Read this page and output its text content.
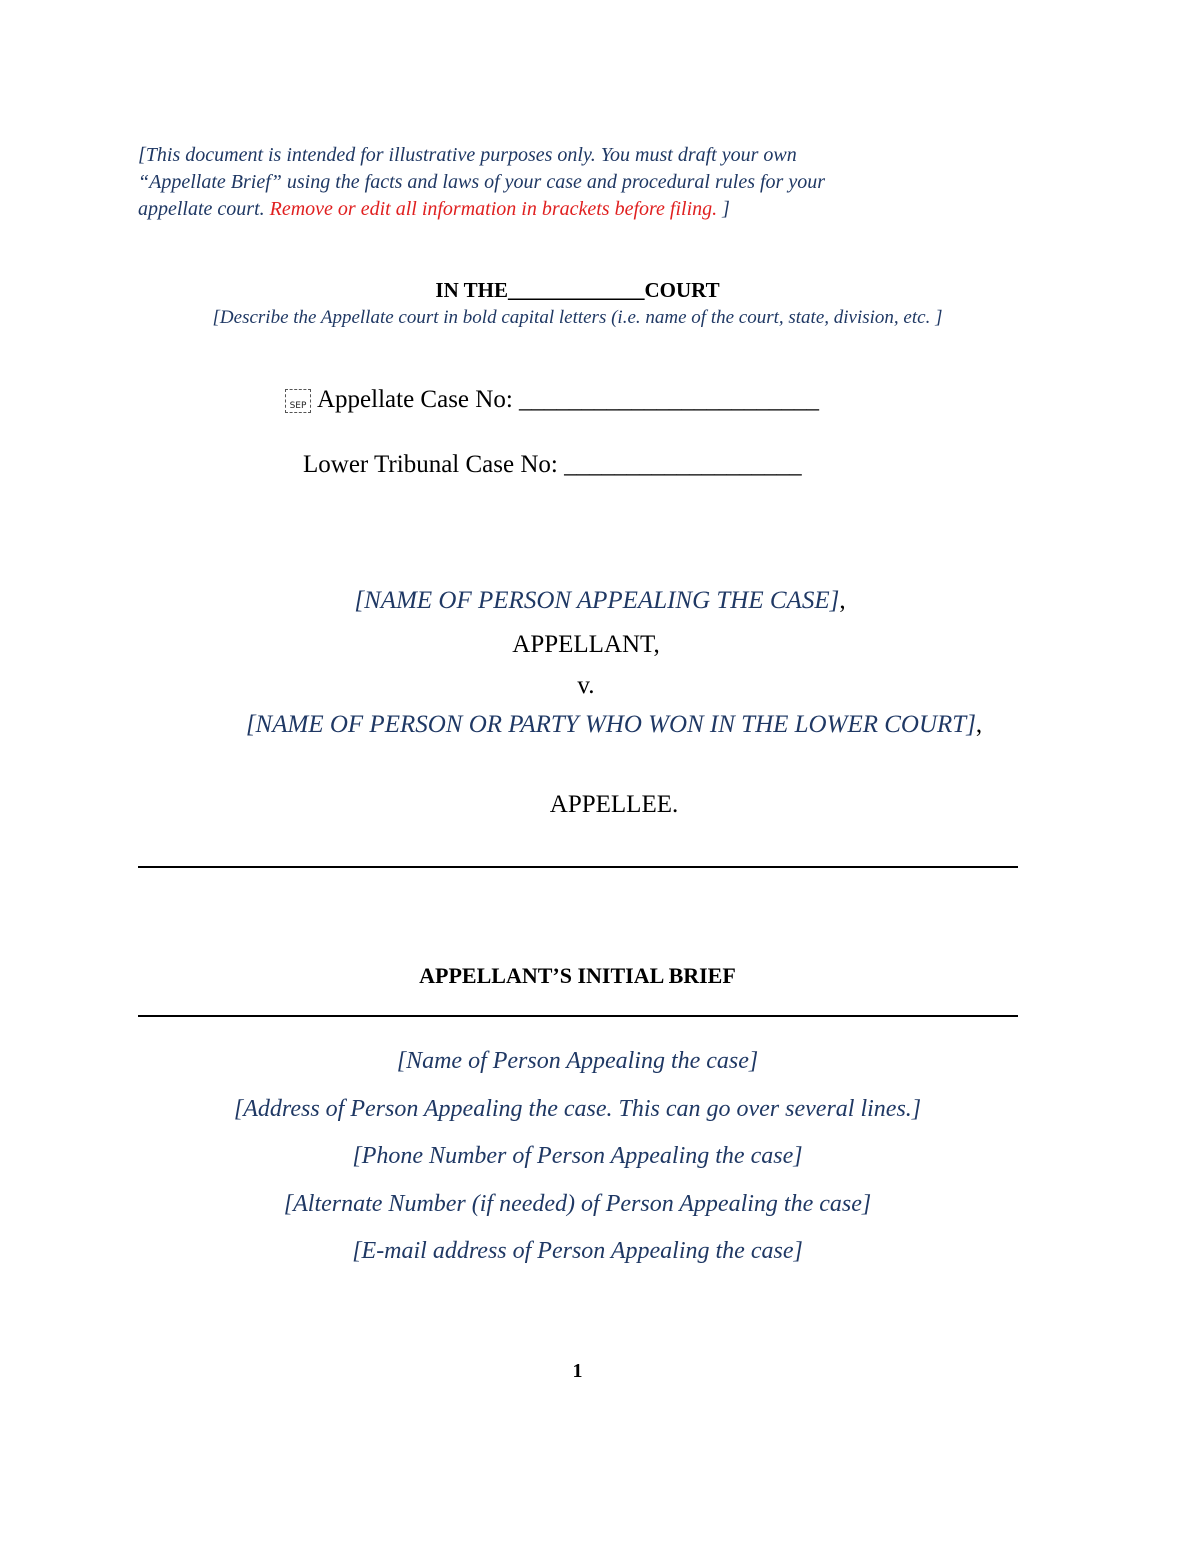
[This document is intended for illustrative purposes only. You must draft your own
“Appellate Brief” using the facts and laws of your case and procedural rules for your
appellate court. Remove or edit all information in brackets before filing. ]
IN THE_____________COURT
[Describe the Appellate court in bold capital letters (i.e. name of the court, state, division, etc. ]
SEP Appellate Case No: ________________________
Lower Tribunal Case No: ___________________
[NAME OF PERSON APPEALING THE CASE],
APPELLANT,
v.
[NAME OF PERSON OR PARTY WHO WON IN THE LOWER COURT],
APPELLEE.
APPELLANT’S INITIAL BRIEF
[Name of Person Appealing the case]
[Address of Person Appealing the case. This can go over several lines.]
[Phone Number of Person Appealing the case]
[Alternate Number (if needed) of Person Appealing the case]
[E-mail address of Person Appealing the case]
1
